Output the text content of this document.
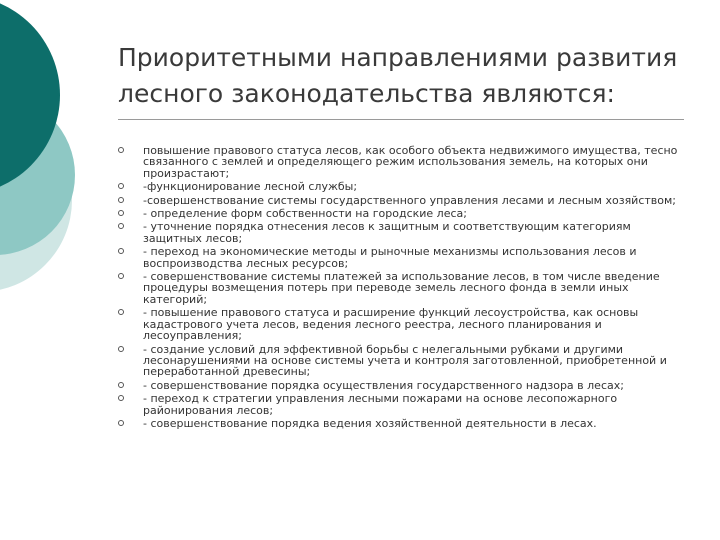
Приоритетными направлениями развития лесного законодательства являются:
повышение правового статуса лесов, как особого объекта недвижимого имущества, тесно связанного с землей и определяющего режим использования земель, на которых они произрастают;
-функционирование лесной службы;
-совершенствование системы государственного управления лесами и лесным хозяйством;
- определение форм собственности на городские леса;
- уточнение порядка отнесения лесов к защитным и соответствующим категориям защитных лесов;
- переход на экономические методы и рыночные механизмы использования лесов и воспроизводства лесных ресурсов;
- совершенствование системы платежей за использование лесов, в том числе введение процедуры возмещения потерь при переводе земель лесного фонда в земли иных категорий;
- повышение правового статуса и расширение функций лесоустройства, как основы кадастрового учета лесов, ведения лесного реестра, лесного планирования и лесоуправления;
- создание условий для эффективной борьбы с нелегальными рубками и другими лесонарушениями на основе системы учета и контроля заготовленной, приобретенной и переработанной древесины;
- совершенствование порядка осуществления государственного надзора в лесах;
- переход к стратегии управления лесными пожарами на основе лесопожарного районирования лесов;
- совершенствование порядка ведения хозяйственной деятельности в лесах.
